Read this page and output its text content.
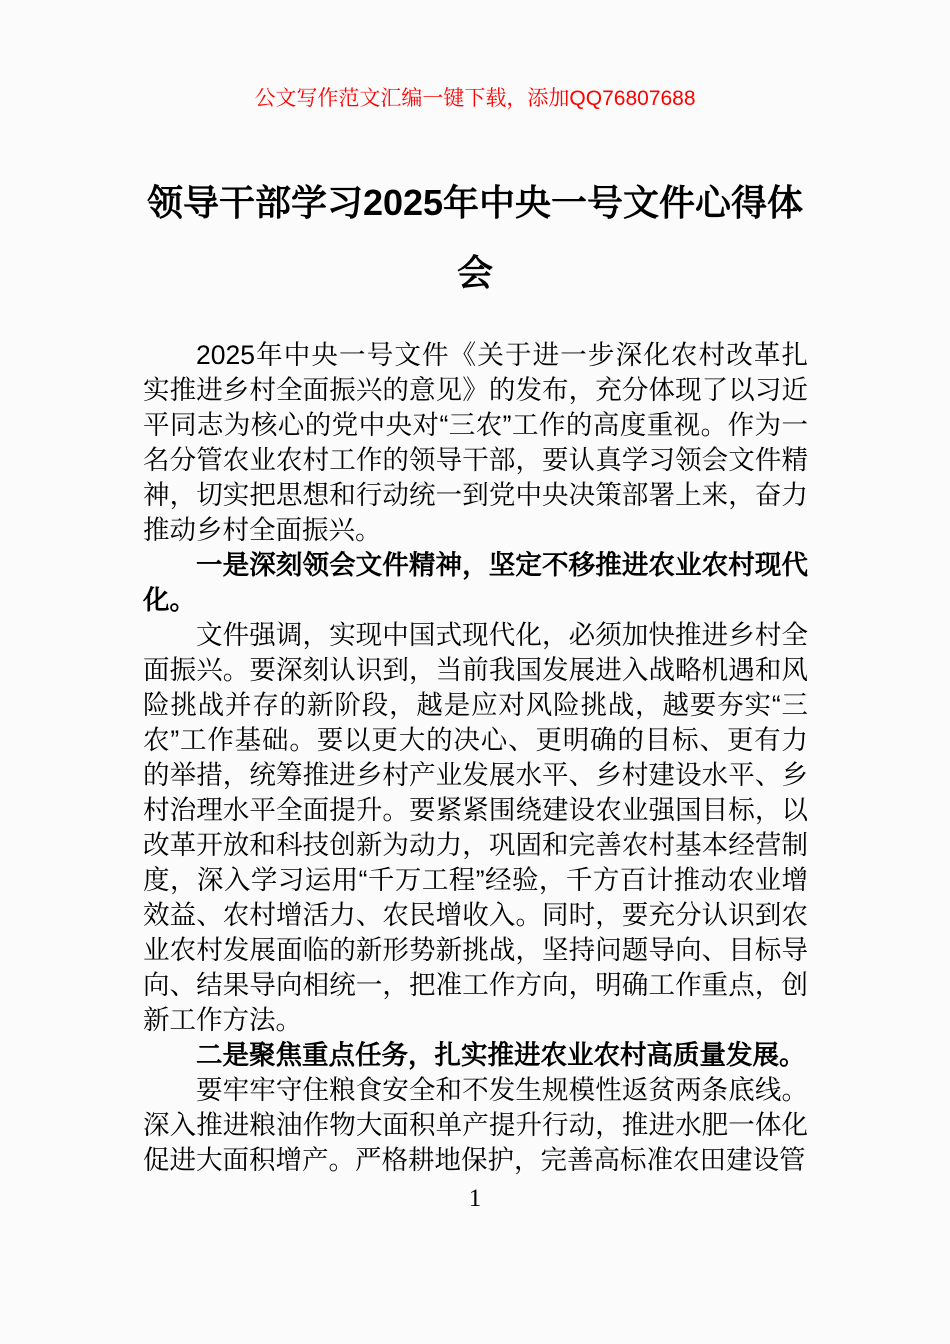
公文写作范文汇编一键下载，添加QQ76807688
领导干部学习2025年中央一号文件心得体会

2025年中央一号文件《关于进一步深化农村改革扎实推进乡村全面振兴的意见》的发布，充分体现了以习近平同志为核心的党中央对“三农”工作的高度重视。作为一名分管农业农村工作的领导干部，要认真学习领会文件精神，切实把思想和行动统一到党中央决策部署上来，奋力推动乡村全面振兴。

一是深刻领会文件精神，坚定不移推进农业农村现代化。

文件强调，实现中国式现代化，必须加快推进乡村全面振兴。要深刻认识到，当前我国发展进入战略机遇和风险挑战并存的新阶段，越是应对风险挑战，越要夯实“三农”工作基础。要以更大的决心、更明确的目标、更有力的举措，统筹推进乡村产业发展水平、乡村建设水平、乡村治理水平全面提升。要紧紧围绕建设农业强国目标，以改革开放和科技创新为动力，巩固和完善农村基本经营制度，深入学习运用“千万工程”经验，千方百计推动农业增效益、农村增活力、农民增收入。同时，要充分认识到农业农村发展面临的新形势新挑战，坚持问题导向、目标导向、结果导向相统一，把准工作方向，明确工作重点，创新工作方法。

二是聚焦重点任务，扎实推进农业农村高质量发展。

要牢牢守住粮食安全和不发生规模性返贫两条底线。深入推进粮油作物大面积单产提升行动，推进水肥一体化促进大面积增产。严格耕地保护，完善高标准农田建设管

1
